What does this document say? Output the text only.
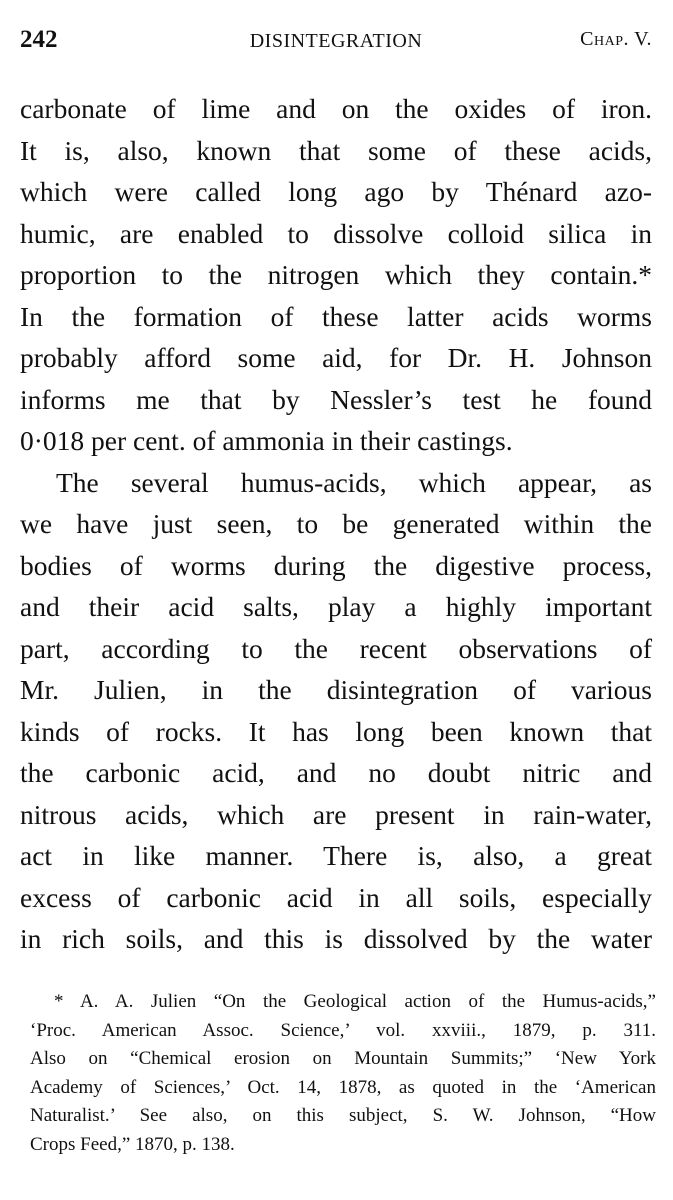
242	DISINTEGRATION	Chap. V.
carbonate of lime and on the oxides of iron.
It is, also, known that some of these acids,
which were called long ago by Thénard azo-
humic, are enabled to dissolve colloid silica in
proportion to the nitrogen which they contain.*
In the formation of these latter acids worms
probably afford some aid, for Dr. H. Johnson
informs me that by Nessler’s test he found
0·018 per cent. of ammonia in their castings.
The several humus-acids, which appear, as
we have just seen, to be generated within the
bodies of worms during the digestive process,
and their acid salts, play a highly important
part, according to the recent observations of
Mr. Julien, in the disintegration of various
kinds of rocks. It has long been known that
the carbonic acid, and no doubt nitric and
nitrous acids, which are present in rain-water,
act in like manner. There is, also, a great
excess of carbonic acid in all soils, especially
in rich soils, and this is dissolved by the water
* A. A. Julien “On the Geological action of the Humus-acids,”
‘Proc. American Assoc. Science,’ vol. xxviii., 1879, p. 311.
Also on “Chemical erosion on Mountain Summits;” ‘New York
Academy of Sciences,’ Oct. 14, 1878, as quoted in the ‘American
Naturalist.’ See also, on this subject, S. W. Johnson, “How
Crops Feed,” 1870, p. 138.
